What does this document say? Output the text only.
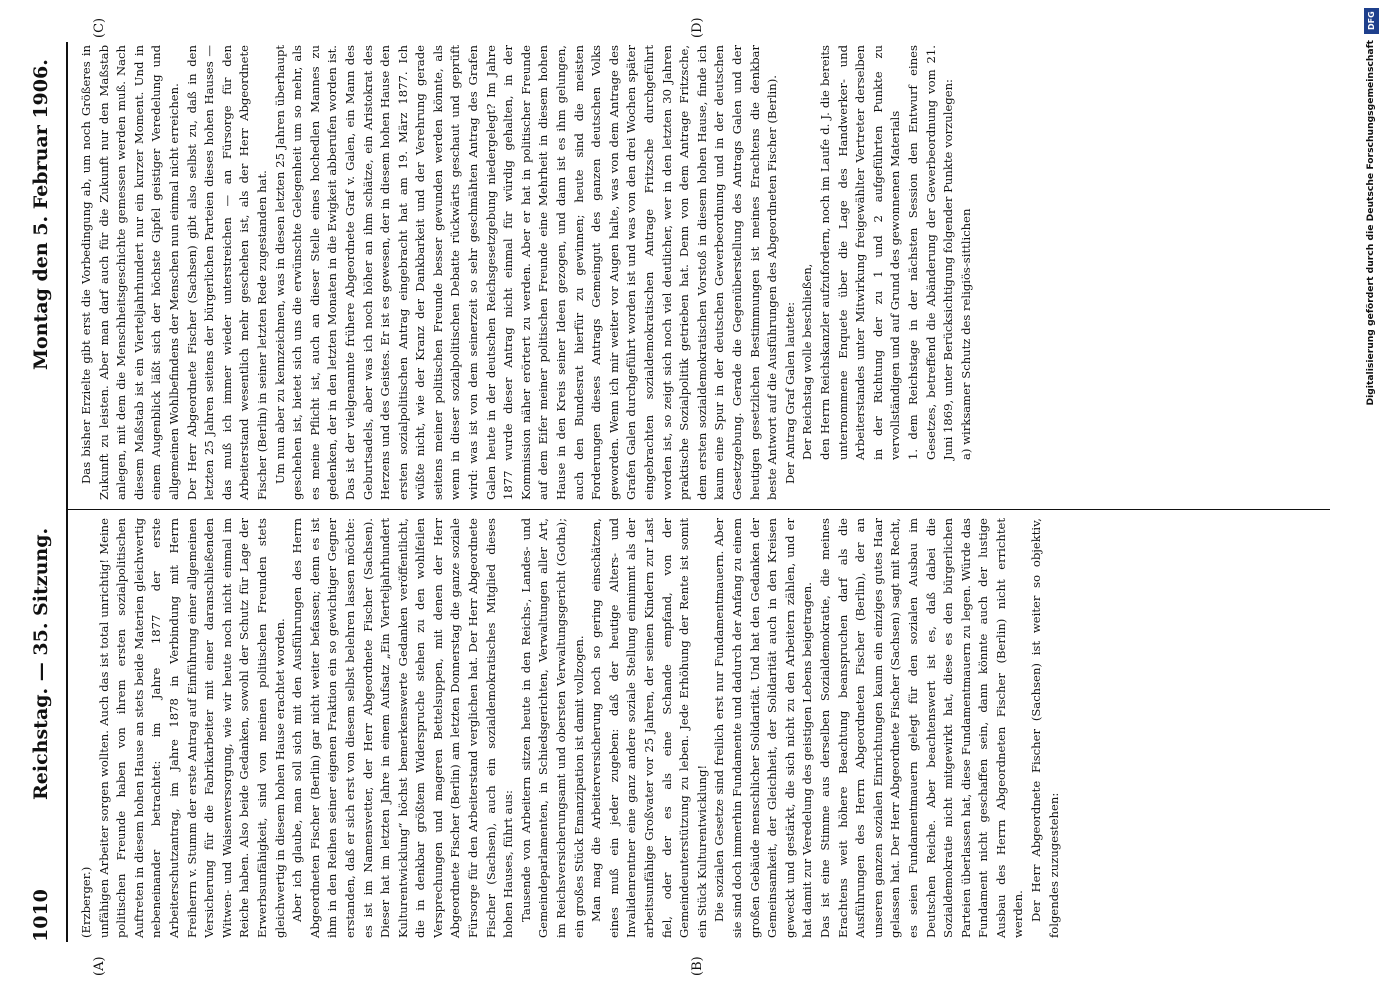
1010
Reichstag. — 35. Sitzung.
Montag den 5. Februar 1906.
(A)	(B)
(C)	(D)

(Erzberger.) unfähigen Arbeiter sorgen wollten. Auch das ist total unrichtig! Meine politischen Freunde haben von ihrem ersten sozialpolitischen Auftreten in diesem hohen Hause an stets beide Materien gleichwertig nebeneinander betrachtet: im Jahre 1877 der erste Arbeiterschutzantrag, im Jahre 1878 in Verbindung mit Herrn Freiherrn v. Stumm der erste Antrag auf Einführung einer allgemeinen Versicherung für die Fabrikarbeiter mit einer daranschließenden Witwen- und Waisenversorgung, wie wir heute noch nicht einmal im Reiche haben. Also beide Gedanken, sowohl der Schutz für Lage der Erwerbsunfähigkeit, sind von meinen politischen Freunden stets gleichwertig in diesem hohen Hause erachtet worden. Aber ich glaube, man soll sich mit den Ausführungen des Herrn Abgeordneten Fischer (Berlin) gar nicht weiter befassen; denn es ist ihm in den Reihen seiner eigenen Fraktion ein so gewichtiger Gegner erstanden, daß er sich erst von diesem selbst belehren lassen möchte: es ist im Namensvetter, der Herr Abgeordnete Fischer (Sachsen). Dieser hat im letzten Jahre in einem Aufsatz „Ein Vierteljahrhundert Kulturentwicklung“ höchst bemerkenswerte Gedanken veröffentlicht, die in denkbar größtem Widerspruche stehen zu den wohlfeilen Versprechungen und mageren Bettelsuppen, mit denen der Herr Abgeordnete Fischer (Berlin) am letzten Donnerstag die ganze soziale Fürsorge für den Arbeiterstand verglichen hat. Der Herr Abgeordnete Fischer (Sachsen), auch ein sozialdemokratisches Mitglied dieses hohen Hauses, führt aus: Tausende von Arbeitern sitzen heute in den Reichs-, Landes- und Gemeindeparlamenten, in Schiedsgerichten, Verwaltungen aller Art, im Reichsversicherungsamt und obersten Verwaltungsgericht (Gotha); ein großes Stück Emanzipation ist damit vollzogen. Man mag die Arbeiterversicherung noch so gering einschätzen, eines muß ein jeder zugeben: daß der heutige Alters- und Invalidenrentner eine ganz andere soziale Stellung einnimmt als der arbeitsunfähige Großvater vor 25 Jahren, der seinen Kindern zur Last fiel, oder der es als eine Schande empfand, von der Gemeindeunterstützung zu leben. Jede Erhöhung der Rente ist somit ein Stück Kulturentwicklung! Die sozialen Gesetze sind freilich erst nur Fundamentmauern. Aber sie sind doch immerhin Fundamente und dadurch der Anfang zu einem großen Gebäude menschlicher Solidarität. Und hat den Gedanken der Gemeinsamkeit, der Gleichheit, der Solidarität auch in den Kreisen geweckt und gestärkt, die sich nicht zu den Arbeitern zählen, und er hat damit zur Veredelung des geistigen Lebens beigetragen. Das ist eine Stimme aus derselben Sozialdemokratie, die meines Erachtens weit höhere Beachtung beanspruchen darf als die Ausführungen des Herrn Abgeordneten Fischer (Berlin), der an unseren ganzen sozialen Einrichtungen kaum ein einziges gutes Haar gelassen hat. Der Herr Abgeordnete Fischer (Sachsen) sagt mit Recht, es seien Fundamentmauern gelegt für den sozialen Ausbau im Deutschen Reiche. Aber beachtenswert ist es, daß dabei die Sozialdemokratie nicht mitgewirkt hat, diese es den bürgerlichen Parteien überlassen hat, diese Fundamentmauern zu legen. Würde das Fundament nicht geschaffen sein, dann könnte auch der lustige Ausbau des Herrn Abgeordneten Fischer (Berlin) nicht errichtet werden. Der Herr Abgeordnete Fischer (Sachsen) ist weiter so objektiv, folgendes zuzugestehen:

Das bisher Erzielte gibt erst die Vorbedingung ab, um noch Größeres in Zukunft zu leisten. Aber man darf auch für die Zukunft nur den Maßstab anlegen, mit dem die Menschheitsgeschichte gemessen werden muß. Nach diesem Maßstab ist ein Vierteljahrhundert nur ein kurzer Moment. Und in einem Augenblick läßt sich der höchste Gipfel geistiger Veredelung und allgemeinen Wohlbefindens der Menschen nun einmal nicht erreichen. Der Herr Abgeordnete Fischer (Sachsen) gibt also selbst zu, daß in den letzten 25 Jahren seitens der bürgerlichen Parteien dieses hohen Hauses — das muß ich immer wieder unterstreichen — an Fürsorge für den Arbeiterstand wesentlich mehr geschehen ist, als der Herr Abgeordnete Fischer (Berlin) in seiner letzten Rede zugestanden hat. Um nun aber zu kennzeichnen, was in diesen letzten 25 Jahren überhaupt geschehen ist, bietet sich uns die erwünschte Gelegenheit um so mehr, als es meine Pflicht ist, auch an dieser Stelle eines hochedlen Mannes zu gedenken, der in den letzten Monaten in die Ewigkeit abberufen worden ist. Das ist der vielgenannte frühere Abgeordnete Graf v. Galen, ein Mann des Geburtsadels, aber was ich noch höher an ihm schätze, ein Aristokrat des Herzens und des Geistes. Er ist es gewesen, der in diesem hohen Hause den ersten sozialpolitischen Antrag eingebracht hat am 19. März 1877. Ich wüßte nicht, wie der Kranz der Dankbarkeit und der Verehrung gerade seitens meiner politischen Freunde besser gewunden werden könnte, als wenn in dieser sozialpolitischen Debatte rückwärts geschaut und geprüft wird: was ist von dem seinerzeit so sehr geschmähten Antrag des Grafen Galen heute in der deutschen Reichsgesetzgebung niedergelegt? Im Jahre 1877 wurde dieser Antrag nicht einmal für würdig gehalten, in der Kommission näher erörtert zu werden. Aber er hat in politischer Freunde auf dem Eifer meiner politischen Freunde eine Mehrheit in diesem hohen Hause in den Kreis seiner Ideen gezogen, und dann ist es ihm gelungen, auch den Bundesrat hierfür zu gewinnen; heute sind die meisten Forderungen dieses Antrags Gemeingut des ganzen deutschen Volks geworden. Wenn ich mir weiter vor Augen halte, was von dem Antrage des Grafen Galen durchgeführt worden ist und was von den drei Wochen später eingebrachten sozialdemokratischen Antrage Fritzsche durchgeführt worden ist, so zeigt sich noch viel deutlicher, wer in den letzten 30 Jahren praktische Sozialpolitik getrieben hat. Denn von dem Antrage Fritzsche, dem ersten sozialdemokratischen Vorstoß in diesem hohen Hause, finde ich kaum eine Spur in der deutschen Gewerbeordnung und in der deutschen Gesetzgebung. Gerade die Gegenüberstellung des Antrags Galen und der heutigen gesetzlichen Bestimmungen ist meines Erachtens die denkbar beste Antwort auf die Ausführungen des Abgeordneten Fischer (Berlin). Der Antrag Graf Galen lautete: Der Reichstag wolle beschließen, den Herrn Reichskanzler aufzufordern, noch im Laufe d. J. die bereits unternommene Enquete über die Lage des Handwerker- und Arbeiterstandes unter Mitwirkung freigewählter Vertreter derselben in der Richtung der zu 1 und 2 aufgeführten Punkte zu vervollständigen und auf Grund des gewonnenen Materials 1. dem Reichstage in der nächsten Session den Entwurf eines Gesetzes, betreffend die Abänderung der Gewerbeordnung vom 21. Juni 1869, unter Berücksichtigung folgender Punkte vorzulegen: a) wirksamer Schutz des religiös-sittlichen

DFG
Digitalisierung gefördert durch die Deutsche Forschungsgemeinschaft
